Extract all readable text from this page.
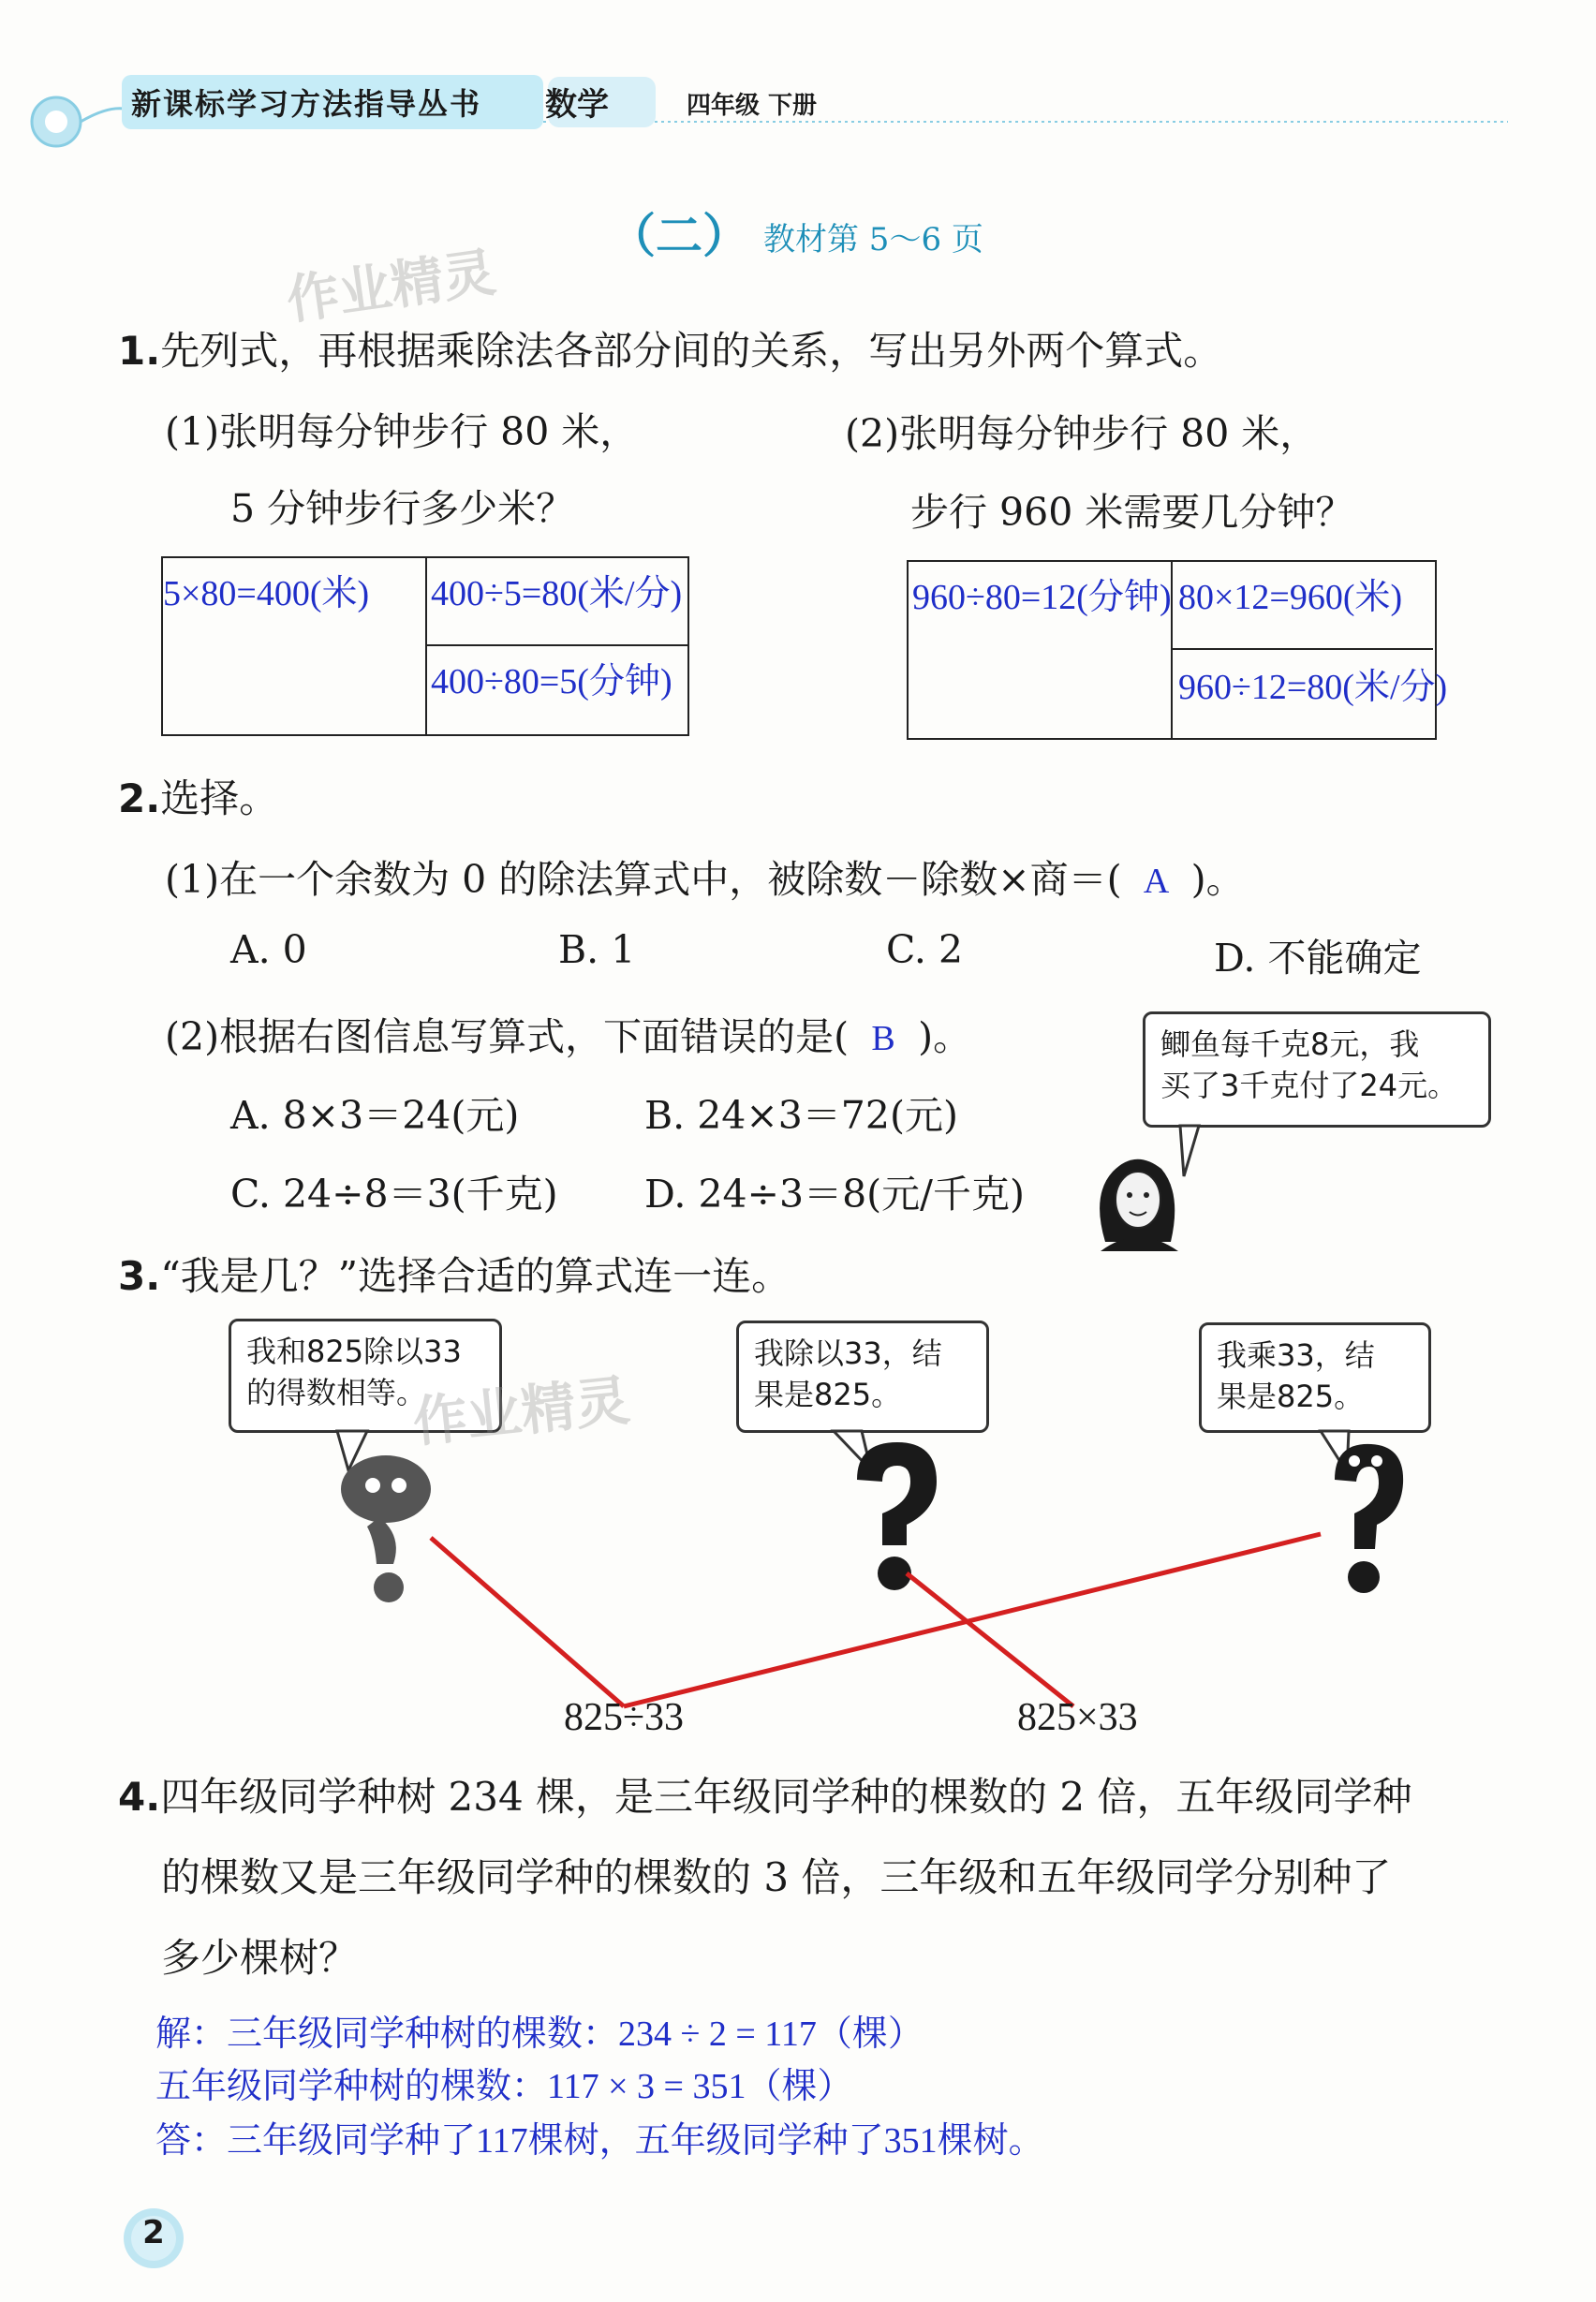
新课标学习方法指导丛书 数学	四年级 下册
（二） 教材第 5～6 页
作业精灵
1.先列式，再根据乘除法各部分间的关系，写出另外两个算式。
(1)张明每分钟步行 80 米，
5 分钟步行多少米？
(2)张明每分钟步行 80 米，
步行 960 米需要几分钟？
5×80=400(米) 400÷5=80(米/分)
400÷80=5(分钟)
960÷80=12(分钟) 80×12=960(米)
960÷12=80(米/分)
2.选择。
(1)在一个余数为 0 的除法算式中，被除数－除数×商＝( A )。
A. 0	B. 1	C. 2	D. 不能确定
(2)根据右图信息写算式，下面错误的是( B )。
A. 8×3＝24(元)	B. 24×3＝72(元)
C. 24÷8＝3(千克) D. 24÷3＝8(元/千克)
鲫鱼每千克8元，我
买了3千克付了24元。
3.“我是几？”选择合适的算式连一连。
我和825除以33
的得数相等。
我除以33，结
果是825。
我乘33，结
果是825。
作业精灵
825÷33	825×33
4.四年级同学种树 234 棵，是三年级同学种的棵数的 2 倍，五年级同学种
的棵数又是三年级同学种的棵数的 3 倍，三年级和五年级同学分别种了
多少棵树？
解：三年级同学种树的棵数：234 ÷ 2 = 117（棵）
五年级同学种树的棵数：117 × 3 = 351（棵）
答：三年级同学种了117棵树，五年级同学种了351棵树。
2
